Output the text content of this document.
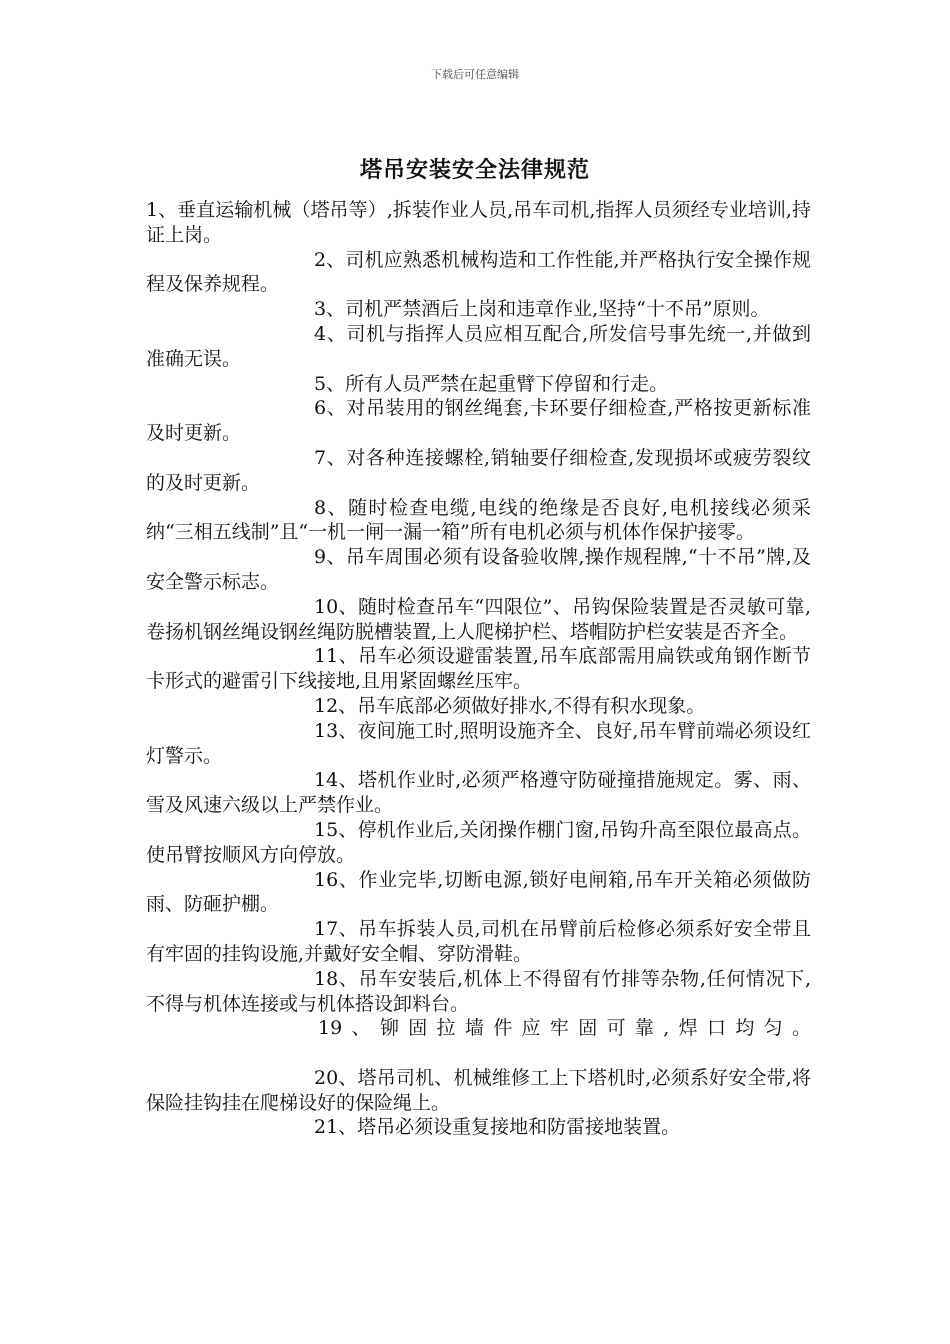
下载后可任意编辑
塔吊安装安全法律规范

1、垂直运输机械（塔吊等）,拆装作业人员,吊车司机,指挥人员须经专业培训,持证上岗。

2、司机应熟悉机械构造和工作性能,并严格执行安全操作规程及保养规程。

3、司机严禁酒后上岗和违章作业,坚持“十不吊”原则。

4、司机与指挥人员应相互配合,所发信号事先统一,并做到准确无误。

5、所有人员严禁在起重臂下停留和行走。

6、对吊装用的钢丝绳套,卡环要仔细检查,严格按更新标准及时更新。

7、对各种连接螺栓,销轴要仔细检查,发现损坏或疲劳裂纹的及时更新。

8、随时检查电缆,电线的绝缘是否良好,电机接线必须采纳“三相五线制”且“一机一闸一漏一箱”所有电机必须与机体作保护接零。

9、吊车周围必须有设备验收牌,操作规程牌,“十不吊”牌,及安全警示标志。

10、随时检查吊车“四限位”、吊钩保险装置是否灵敏可靠,卷扬机钢丝绳设钢丝绳防脱槽装置,上人爬梯护栏、塔帽防护栏安装是否齐全。

11、吊车必须设避雷装置,吊车底部需用扁铁或角钢作断节卡形式的避雷引下线接地,且用紧固螺丝压牢。

12、吊车底部必须做好排水,不得有积水现象。

13、夜间施工时,照明设施齐全、良好,吊车臂前端必须设红灯警示。

14、塔机作业时,必须严格遵守防碰撞措施规定。雾、雨、雪及风速六级以上严禁作业。

15、停机作业后,关闭操作棚门窗,吊钩升高至限位最高点。使吊臂按顺风方向停放。

16、作业完毕,切断电源,锁好电闸箱,吊车开关箱必须做防雨、防砸护棚。

17、吊车拆装人员,司机在吊臂前后检修必须系好安全带且有牢固的挂钩设施,并戴好安全帽、穿防滑鞋。

18、吊车安装后,机体上不得留有竹排等杂物,任何情况下,不得与机体连接或与机体搭设卸料台。

19、铆固拉墙件应牢固可靠,焊口均匀。

20、塔吊司机、机械维修工上下塔机时,必须系好安全带,将保险挂钩挂在爬梯设好的保险绳上。

21、塔吊必须设重复接地和防雷接地装置。
